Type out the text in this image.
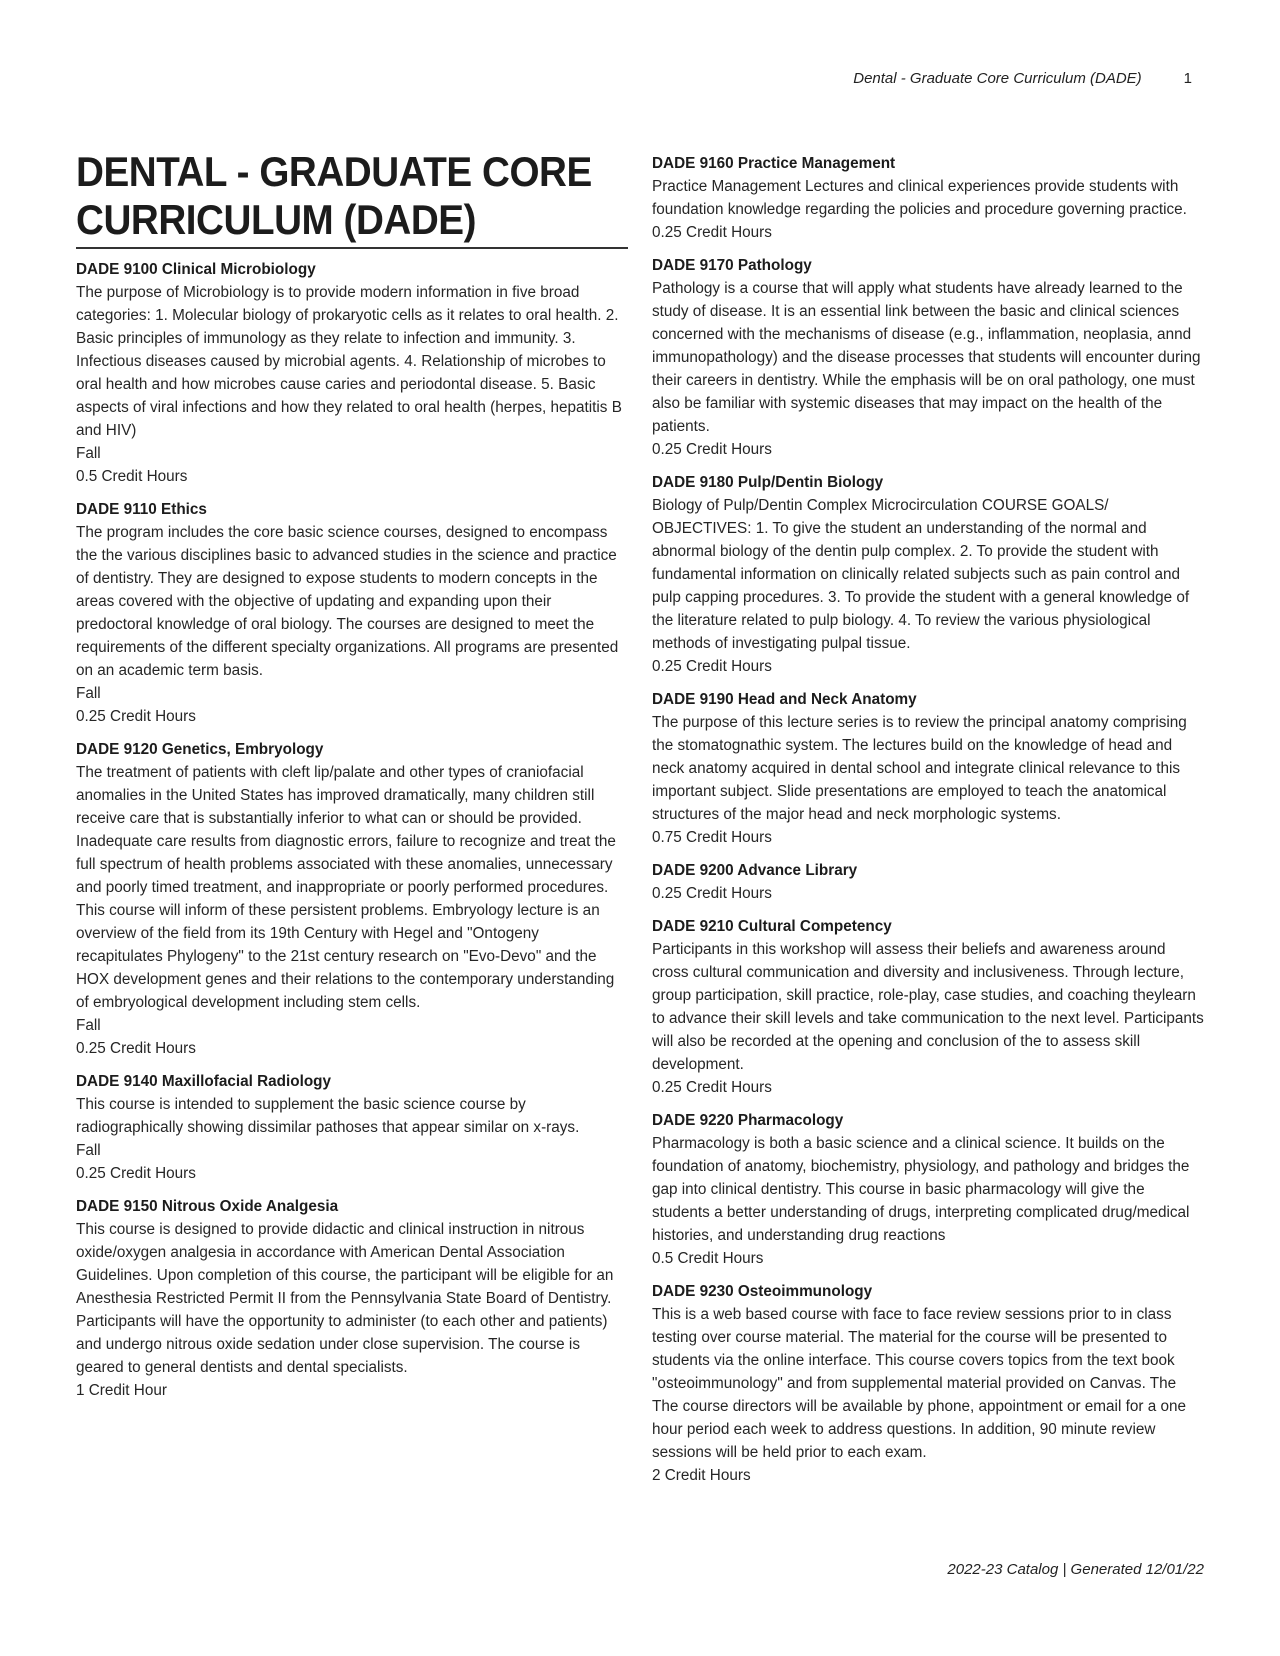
Dental - Graduate Core Curriculum (DADE)	1
DENTAL - GRADUATE CORE CURRICULUM (DADE)
DADE 9100 Clinical Microbiology
The purpose of Microbiology is to provide modern information in five broad categories: 1. Molecular biology of prokaryotic cells as it relates to oral health. 2. Basic principles of immunology as they relate to infection and immunity. 3. Infectious diseases caused by microbial agents. 4. Relationship of microbes to oral health and how microbes cause caries and periodontal disease. 5. Basic aspects of viral infections and how they related to oral health (herpes, hepatitis B and HIV)
Fall
0.5 Credit Hours
DADE 9110 Ethics
The program includes the core basic science courses, designed to encompass the the various disciplines basic to advanced studies in the science and practice of dentistry. They are designed to expose students to modern concepts in the areas covered with the objective of updating and expanding upon their predoctoral knowledge of oral biology. The courses are designed to meet the requirements of the different specialty organizations. All programs are presented on an academic term basis.
Fall
0.25 Credit Hours
DADE 9120 Genetics, Embryology
The treatment of patients with cleft lip/palate and other types of craniofacial anomalies in the United States has improved dramatically, many children still receive care that is substantially inferior to what can or should be provided. Inadequate care results from diagnostic errors, failure to recognize and treat the full spectrum of health problems associated with these anomalies, unnecessary and poorly timed treatment, and inappropriate or poorly performed procedures. This course will inform of these persistent problems. Embryology lecture is an overview of the field from its 19th Century with Hegel and "Ontogeny recapitulates Phylogeny" to the 21st century research on "Evo-Devo" and the HOX development genes and their relations to the contemporary understanding of embryological development including stem cells.
Fall
0.25 Credit Hours
DADE 9140 Maxillofacial Radiology
This course is intended to supplement the basic science course by radiographically showing dissimilar pathoses that appear similar on x-rays.
Fall
0.25 Credit Hours
DADE 9150 Nitrous Oxide Analgesia
This course is designed to provide didactic and clinical instruction in nitrous oxide/oxygen analgesia in accordance with American Dental Association Guidelines. Upon completion of this course, the participant will be eligible for an Anesthesia Restricted Permit II from the Pennsylvania State Board of Dentistry. Participants will have the opportunity to administer (to each other and patients) and undergo nitrous oxide sedation under close supervision. The course is geared to general dentists and dental specialists.
1 Credit Hour
DADE 9160 Practice Management
Practice Management Lectures and clinical experiences provide students with foundation knowledge regarding the policies and procedure governing practice.
0.25 Credit Hours
DADE 9170 Pathology
Pathology is a course that will apply what students have already learned to the study of disease. It is an essential link between the basic and clinical sciences concerned with the mechanisms of disease (e.g., inflammation, neoplasia, annd immunopathology) and the disease processes that students will encounter during their careers in dentistry. While the emphasis will be on oral pathology, one must also be familiar with systemic diseases that may impact on the health of the patients.
0.25 Credit Hours
DADE 9180 Pulp/Dentin Biology
Biology of Pulp/Dentin Complex Microcirculation COURSE GOALS/ OBJECTIVES: 1. To give the student an understanding of the normal and abnormal biology of the dentin pulp complex. 2. To provide the student with fundamental information on clinically related subjects such as pain control and pulp capping procedures. 3. To provide the student with a general knowledge of the literature related to pulp biology. 4. To review the various physiological methods of investigating pulpal tissue.
0.25 Credit Hours
DADE 9190 Head and Neck Anatomy
The purpose of this lecture series is to review the principal anatomy comprising the stomatognathic system. The lectures build on the knowledge of head and neck anatomy acquired in dental school and integrate clinical relevance to this important subject. Slide presentations are employed to teach the anatomical structures of the major head and neck morphologic systems.
0.75 Credit Hours
DADE 9200 Advance Library
0.25 Credit Hours
DADE 9210 Cultural Competency
Participants in this workshop will assess their beliefs and awareness around cross cultural communication and diversity and inclusiveness. Through lecture, group participation, skill practice, role-play, case studies, and coaching theylearn to advance their skill levels and take communication to the next level. Participants will also be recorded at the opening and conclusion of the to assess skill development.
0.25 Credit Hours
DADE 9220 Pharmacology
Pharmacology is both a basic science and a clinical science. It builds on the foundation of anatomy, biochemistry, physiology, and pathology and bridges the gap into clinical dentistry. This course in basic pharmacology will give the students a better understanding of drugs, interpreting complicated drug/medical histories, and understanding drug reactions
0.5 Credit Hours
DADE 9230 Osteoimmunology
This is a web based course with face to face review sessions prior to in class testing over course material. The material for the course will be presented to students via the online interface. This course covers topics from the text book "osteoimmunology" and from supplemental material provided on Canvas. The The course directors will be available by phone, appointment or email for a one hour period each week to address questions. In addition, 90 minute review sessions will be held prior to each exam.
2 Credit Hours
2022-23 Catalog | Generated 12/01/22
